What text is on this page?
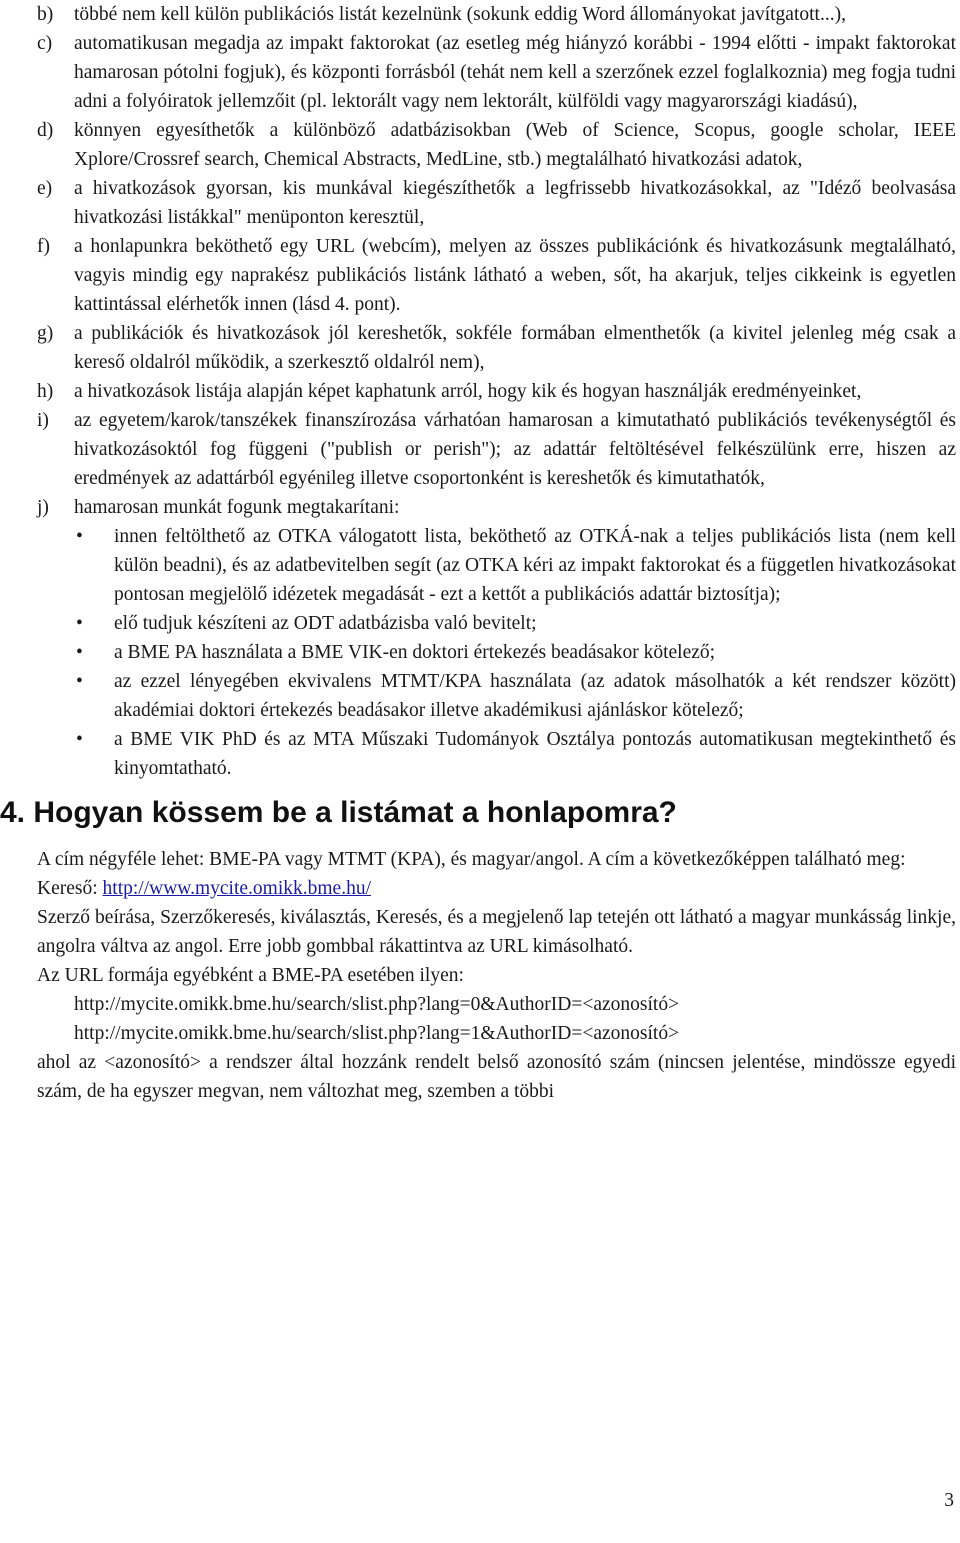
b)	többé nem kell külön publikációs listát kezelnünk (sokunk eddig Word állományokat javítgatott...),

c)	automatikusan megadja az impakt faktorokat (az esetleg még hiányzó korábbi - 1994 előtti - impakt faktorokat hamarosan pótolni fogjuk), és központi forrásból (tehát nem kell a szerzőnek ezzel foglalkoznia) meg fogja tudni adni a folyóiratok jellemzőit (pl. lektorált vagy nem lektorált, külföldi vagy magyarországi kiadású),

d)	könnyen egyesíthetők a különböző adatbázisokban (Web of Science, Scopus, google scholar, IEEE Xplore/Crossref search, Chemical Abstracts, MedLine, stb.) megtalálható hivatkozási adatok,

e)	a hivatkozások gyorsan, kis munkával kiegészíthetők a legfrissebb hivatkozásokkal, az "Idéző beolvasása hivatkozási listákkal" menüponton keresztül,

f)	a honlapunkra beköthető egy URL (webcím), melyen az összes publikációnk és hivatkozásunk megtalálható, vagyis mindig egy naprakész publikációs listánk látható a weben, sőt, ha akarjuk, teljes cikkeink is egyetlen kattintással elérhetők innen (lásd 4. pont).

g)	a publikációk és hivatkozások jól kereshetők, sokféle formában elmenthetők (a kivitel jelenleg még csak a kereső oldalról működik, a szerkesztő oldalról nem),

h)	a hivatkozások listája alapján képet kaphatunk arról, hogy kik és hogyan használják eredményeinket,

i)	az egyetem/karok/tanszékek finanszírozása várhatóan hamarosan a kimutatható publikációs tevékenységtől és hivatkozásoktól fog függeni ("publish or perish"); az adattár feltöltésével felkészülünk erre, hiszen az eredmények az adattárból egyénileg illetve csoportonként is kereshetők és kimutathatók,

j)	hamarosan munkát fogunk megtakarítani:

•	innen feltölthető az OTKA válogatott lista, beköthető az OTKÁ-nak a teljes publikációs lista (nem kell külön beadni), és az adatbevitelben segít (az OTKA kéri az impakt faktorokat és a független hivatkozásokat pontosan megjelölő idézetek megadását - ezt a kettőt a publikációs adattár biztosítja);

•	elő tudjuk készíteni az ODT adatbázisba való bevitelt;

•	a BME PA használata a BME VIK-en doktori értekezés beadásakor kötelező;

•	az ezzel lényegében ekvivalens MTMT/KPA használata (az adatok másolhatók a két rendszer között) akadémiai doktori értekezés beadásakor illetve akadémikusi ajánláskor kötelező;

•	a BME VIK PhD és az MTA Műszaki Tudományok Osztálya pontozás automatikusan megtekinthető és kinyomtatható.

4. Hogyan kössem be a listámat a honlapomra?

A cím négyféle lehet: BME-PA vagy MTMT (KPA), és magyar/angol. A cím a következőképpen található meg:

Kereső: http://www.mycite.omikk.bme.hu/

Szerző beírása, Szerzőkeresés, kiválasztás, Keresés, és a megjelenő lap tetején ott látható a magyar munkásság linkje, angolra váltva az angol. Erre jobb gombbal rákattintva az URL kimásolható.

Az URL formája egyébként a BME-PA esetében ilyen:

http://mycite.omikk.bme.hu/search/slist.php?lang=0&AuthorID=<azonosító>

http://mycite.omikk.bme.hu/search/slist.php?lang=1&AuthorID=<azonosító>

ahol az <azonosító> a rendszer által hozzánk rendelt belső azonosító szám (nincsen jelentése, mindössze egyedi szám, de ha egyszer megvan, nem változhat meg, szemben a többi

3
